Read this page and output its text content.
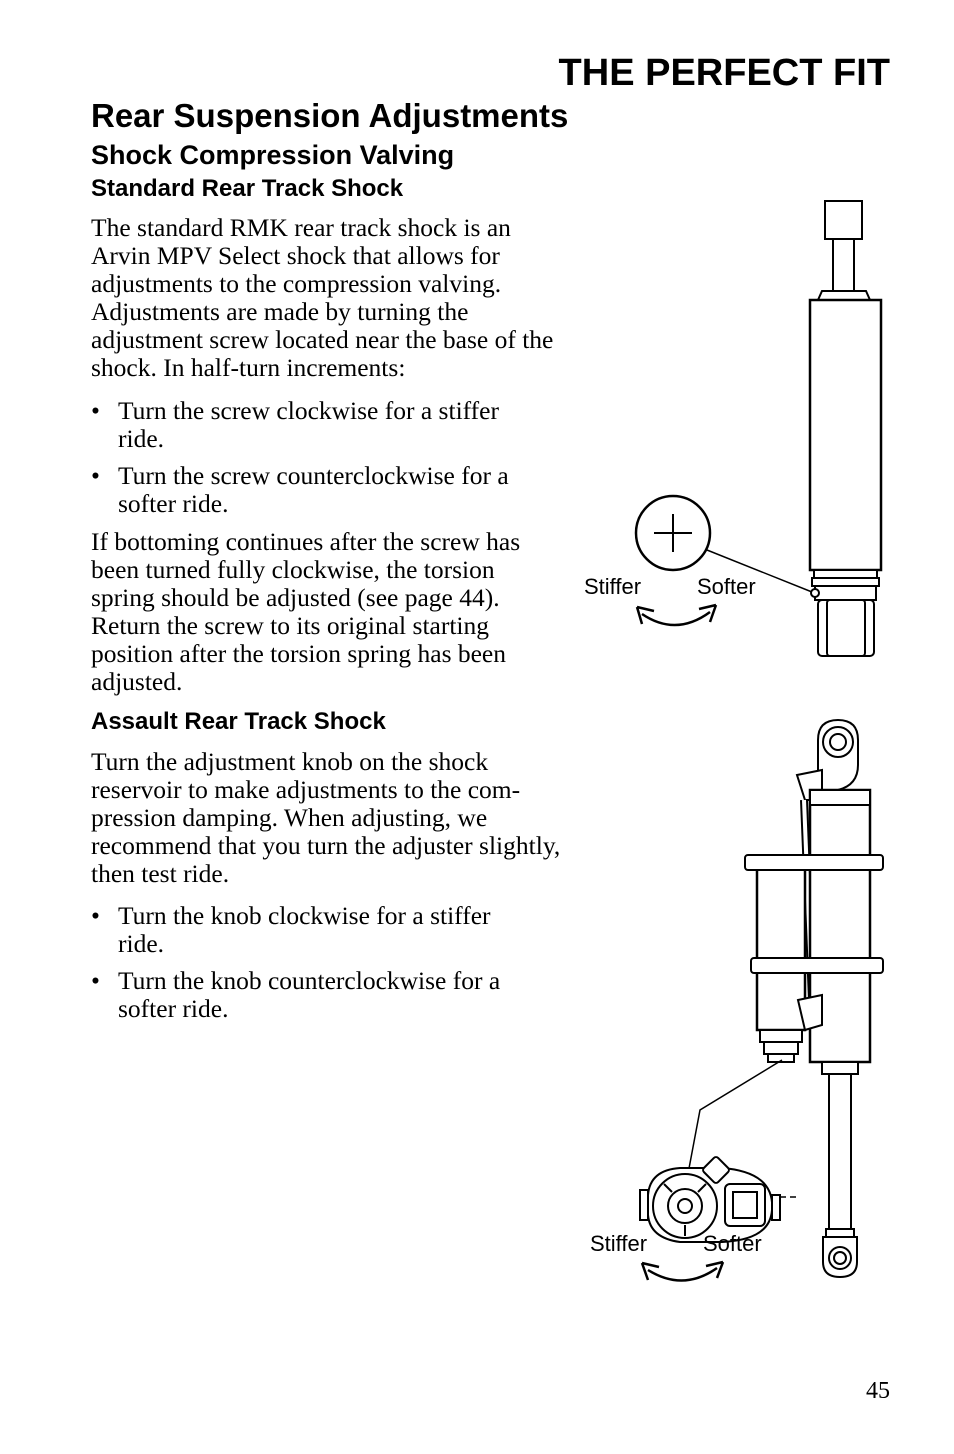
THE PERFECT FIT
Rear Suspension Adjustments
Shock Compression Valving
Standard Rear Track Shock

The standard RMK rear track shock is an Arvin MPV Select shock that allows for adjustments to the compression valving. Adjustments are made by turning the adjustment screw located near the base of the shock. In half-turn increments:

• Turn the screw clockwise for a stiffer ride.
• Turn the screw counterclockwise for a softer ride.

If bottoming continues after the screw has been turned fully clockwise, the torsion spring should be adjusted (see page 44). Return the screw to its original starting position after the torsion spring has been adjusted.

Assault Rear Track Shock

Turn the adjustment knob on the shock reservoir to make adjustments to the com-pression damping. When adjusting, we recommend that you turn the adjuster slightly, then test ride.

• Turn the knob clockwise for a stiffer ride.
• Turn the knob counterclockwise for a softer ride.
Stiffer	Softer
Stiffer	Softer

45
